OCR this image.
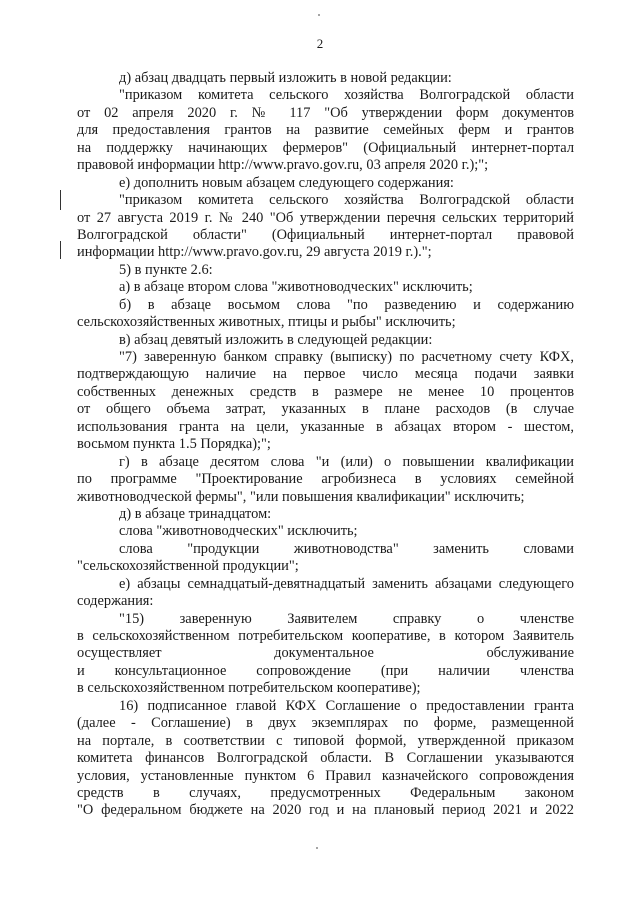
2
д) абзац двадцать первый изложить в новой редакции:
"приказом комитета сельского хозяйства Волгоградской области
от 02 апреля 2020 г. № 117 "Об утверждении форм документов
для предоставления грантов на развитие семейных ферм и грантов
на поддержку начинающих фермеров" (Официальный интернет-портал
правовой информации http://www.pravo.gov.ru, 03 апреля 2020 г.);";
е) дополнить новым абзацем следующего содержания:
"приказом комитета сельского хозяйства Волгоградской области
от 27 августа 2019 г. № 240 "Об утверждении перечня сельских территорий
Волгоградской области" (Официальный интернет-портал правовой
информации http://www.pravo.gov.ru, 29 августа 2019 г.).";
5) в пункте 2.6:
а) в абзаце втором слова "животноводческих" исключить;
б) в абзаце восьмом слова "по разведению и содержанию
сельскохозяйственных животных, птицы и рыбы" исключить;
в) абзац девятый изложить в следующей редакции:
"7) заверенную банком справку (выписку) по расчетному счету КФХ,
подтверждающую наличие на первое число месяца подачи заявки
собственных денежных средств в размере не менее 10 процентов
от общего объема затрат, указанных в плане расходов (в случае
использования гранта на цели, указанные в абзацах втором - шестом,
восьмом пункта 1.5 Порядка);";
г) в абзаце десятом слова "и (или) о повышении квалификации
по программе "Проектирование агробизнеса в условиях семейной
животноводческой фермы", "или повышения квалификации" исключить;
д) в абзаце тринадцатом:
слова "животноводческих" исключить;
слова "продукции животноводства" заменить словами
"сельскохозяйственной продукции";
е) абзацы семнадцатый-девятнадцатый заменить абзацами следующего
содержания:
"15) заверенную Заявителем справку о членстве
в сельскохозяйственном потребительском кооперативе, в котором Заявитель
осуществляет документальное обслуживание
и консультационное сопровождение (при наличии членства
в сельскохозяйственном потребительском кооперативе);
16) подписанное главой КФХ Соглашение о предоставлении гранта
(далее - Соглашение) в двух экземплярах по форме, размещенной
на портале, в соответствии с типовой формой, утвержденной приказом
комитета финансов Волгоградской области. В Соглашении указываются
условия, установленные пунктом 6 Правил казначейского сопровождения
средств в случаях, предусмотренных Федеральным законом
"О федеральном бюджете на 2020 год и на плановый период 2021 и 2022
